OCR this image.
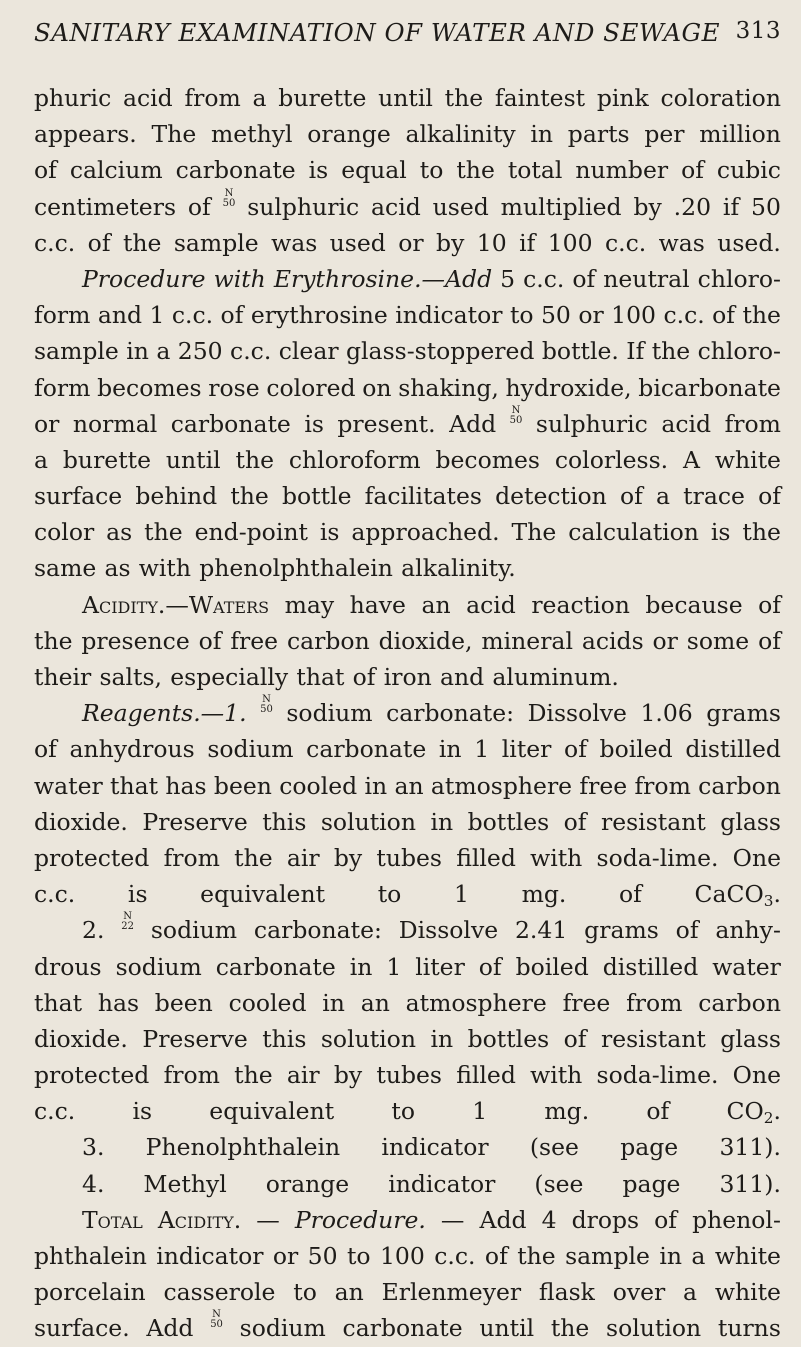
SANITARY EXAMINATION OF WATER AND SEWAGE 313
phuric acid from a burette until the faintest pink coloration
appears. The methyl orange alkalinity in parts per million
of calcium carbonate is equal to the total number of cubic
centimeters of N
50 sulphuric acid used multiplied by .20 if 50
c.c. of the sample was used or by 10 if 100 c.c. was used.
Procedure with Erythrosine.—Add 5 c.c. of neutral chloro-
form and 1 c.c. of erythrosine indicator to 50 or 100 c.c. of the
sample in a 250 c.c. clear glass-stoppered bottle. If the chloro-
form becomes rose colored on shaking, hydroxide, bicarbonate
or normal carbonate is present. Add N
50 sulphuric acid from
a burette until the chloroform becomes colorless. A white
surface behind the bottle facilitates detection of a trace of
color as the end-point is approached. The calculation is the
same as with phenolphthalein alkalinity.
Acidity.—Waters may have an acid reaction because of
the presence of free carbon dioxide, mineral acids or some of
their salts, especially that of iron and aluminum.
Reagents.—1. N
50 sodium carbonate: Dissolve 1.06 grams
of anhydrous sodium carbonate in 1 liter of boiled distilled
water that has been cooled in an atmosphere free from carbon
dioxide. Preserve this solution in bottles of resistant glass
protected from the air by tubes filled with soda-lime. One
c.c. is equivalent to 1 mg. of CaCO$_3$.
2. N
22 sodium carbonate: Dissolve 2.41 grams of anhy-
drous sodium carbonate in 1 liter of boiled distilled water
that has been cooled in an atmosphere free from carbon
dioxide. Preserve this solution in bottles of resistant glass
protected from the air by tubes filled with soda-lime. One
c.c. is equivalent to 1 mg. of $CO_2$.
3. Phenolphthalein indicator (see page 311).
4. Methyl orange indicator (see page 311).
Total Acidity. — Procedure. — Add 4 drops of phenol-
phthalein indicator or 50 to 100 c.c. of the sample in a white
porcelain casserole to an Erlenmeyer flask over a white
surface. Add N
50 sodium carbonate until the solution turns
